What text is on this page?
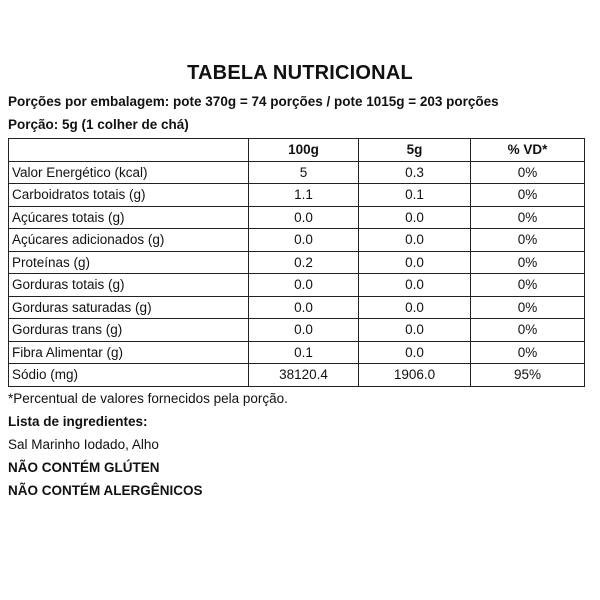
TABELA NUTRICIONAL
Porções por embalagem: pote 370g = 74 porções / pote 1015g = 203 porções
Porção: 5g (1 colher de chá)
	100g	5g	% VD*
Valor Energético (kcal)	5	0.3	0%
Carboidratos totais (g)	1.1	0.1	0%
Açúcares totais (g)	0.0	0.0	0%
Açúcares adicionados (g)	0.0	0.0	0%
Proteínas (g)	0.2	0.0	0%
Gorduras totais (g)	0.0	0.0	0%
Gorduras saturadas (g)	0.0	0.0	0%
Gorduras trans (g)	0.0	0.0	0%
Fibra Alimentar (g)	0.1	0.0	0%
Sódio (mg)	38120.4	1906.0	95%
*Percentual de valores fornecidos pela porção.
Lista de ingredientes:
Sal Marinho Iodado, Alho
NÃO CONTÉM GLÚTEN
NÃO CONTÉM ALERGÊNICOS
